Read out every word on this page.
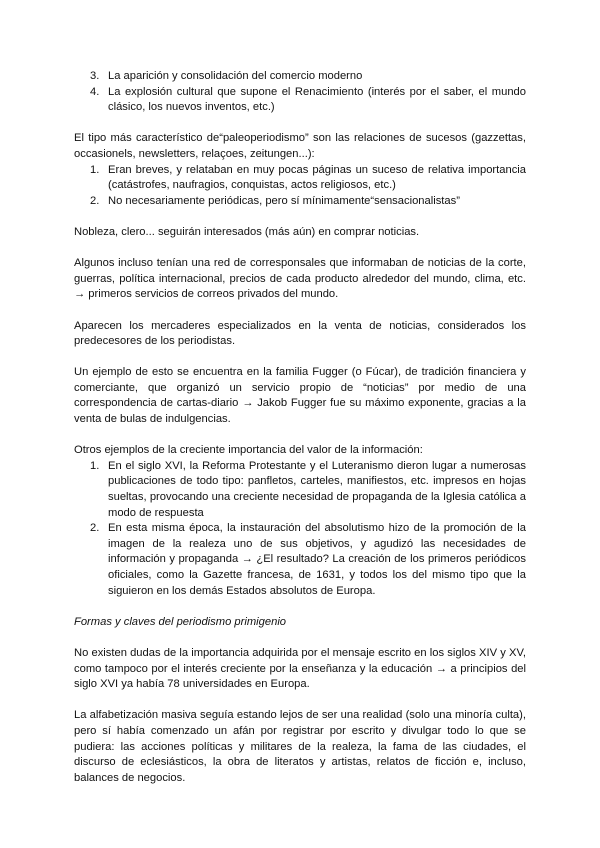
3. La aparición y consolidación del comercio moderno
4. La explosión cultural que supone el Renacimiento (interés por el saber, el mundo clásico, los nuevos inventos, etc.)

El tipo más característico de“paleoperiodismo” son las relaciones de sucesos (gazzettas, occasionels, newsletters, relaçoes, zeitungen...):

1. Eran breves, y relataban en muy pocas páginas un suceso de relativa importancia (catástrofes, naufragios, conquistas, actos religiosos, etc.)
2. No necesariamente periódicas, pero sí mínimamente“sensacionalistas”

Nobleza, clero... seguirán interesados (más aún) en comprar noticias.

Algunos incluso tenían una red de corresponsales que informaban de noticias de la corte, guerras, política internacional, precios de cada producto alrededor del mundo, clima, etc. → primeros servicios de correos privados del mundo.

Aparecen los mercaderes especializados en la venta de noticias, considerados los predecesores de los periodistas.

Un ejemplo de esto se encuentra en la familia Fugger (o Fúcar), de tradición financiera y comerciante, que organizó un servicio propio de “noticias” por medio de una correspondencia de cartas-diario → Jakob Fugger fue su máximo exponente, gracias a la venta de bulas de indulgencias.

Otros ejemplos de la creciente importancia del valor de la información:

1. En el siglo XVI, la Reforma Protestante y el Luteranismo dieron lugar a numerosas publicaciones de todo tipo: panfletos, carteles, manifiestos, etc. impresos en hojas sueltas, provocando una creciente necesidad de propaganda de la Iglesia católica a modo de respuesta
2. En esta misma época, la instauración del absolutismo hizo de la promoción de la imagen de la realeza uno de sus objetivos, y agudizó las necesidades de información y propaganda → ¿El resultado? La creación de los primeros periódicos oficiales, como la Gazette francesa, de 1631, y todos los del mismo tipo que la siguieron en los demás Estados absolutos de Europa.

Formas y claves del periodismo primigenio

No existen dudas de la importancia adquirida por el mensaje escrito en los siglos XIV y XV, como tampoco por el interés creciente por la enseñanza y la educación → a principios del siglo XVI ya había 78 universidades en Europa.

La alfabetización masiva seguía estando lejos de ser una realidad (solo una minoría culta), pero sí había comenzado un afán por registrar por escrito y divulgar todo lo que se pudiera: las acciones políticas y militares de la realeza, la fama de las ciudades, el discurso de eclesiásticos, la obra de literatos y artistas, relatos de ficción e, incluso, balances de negocios.
